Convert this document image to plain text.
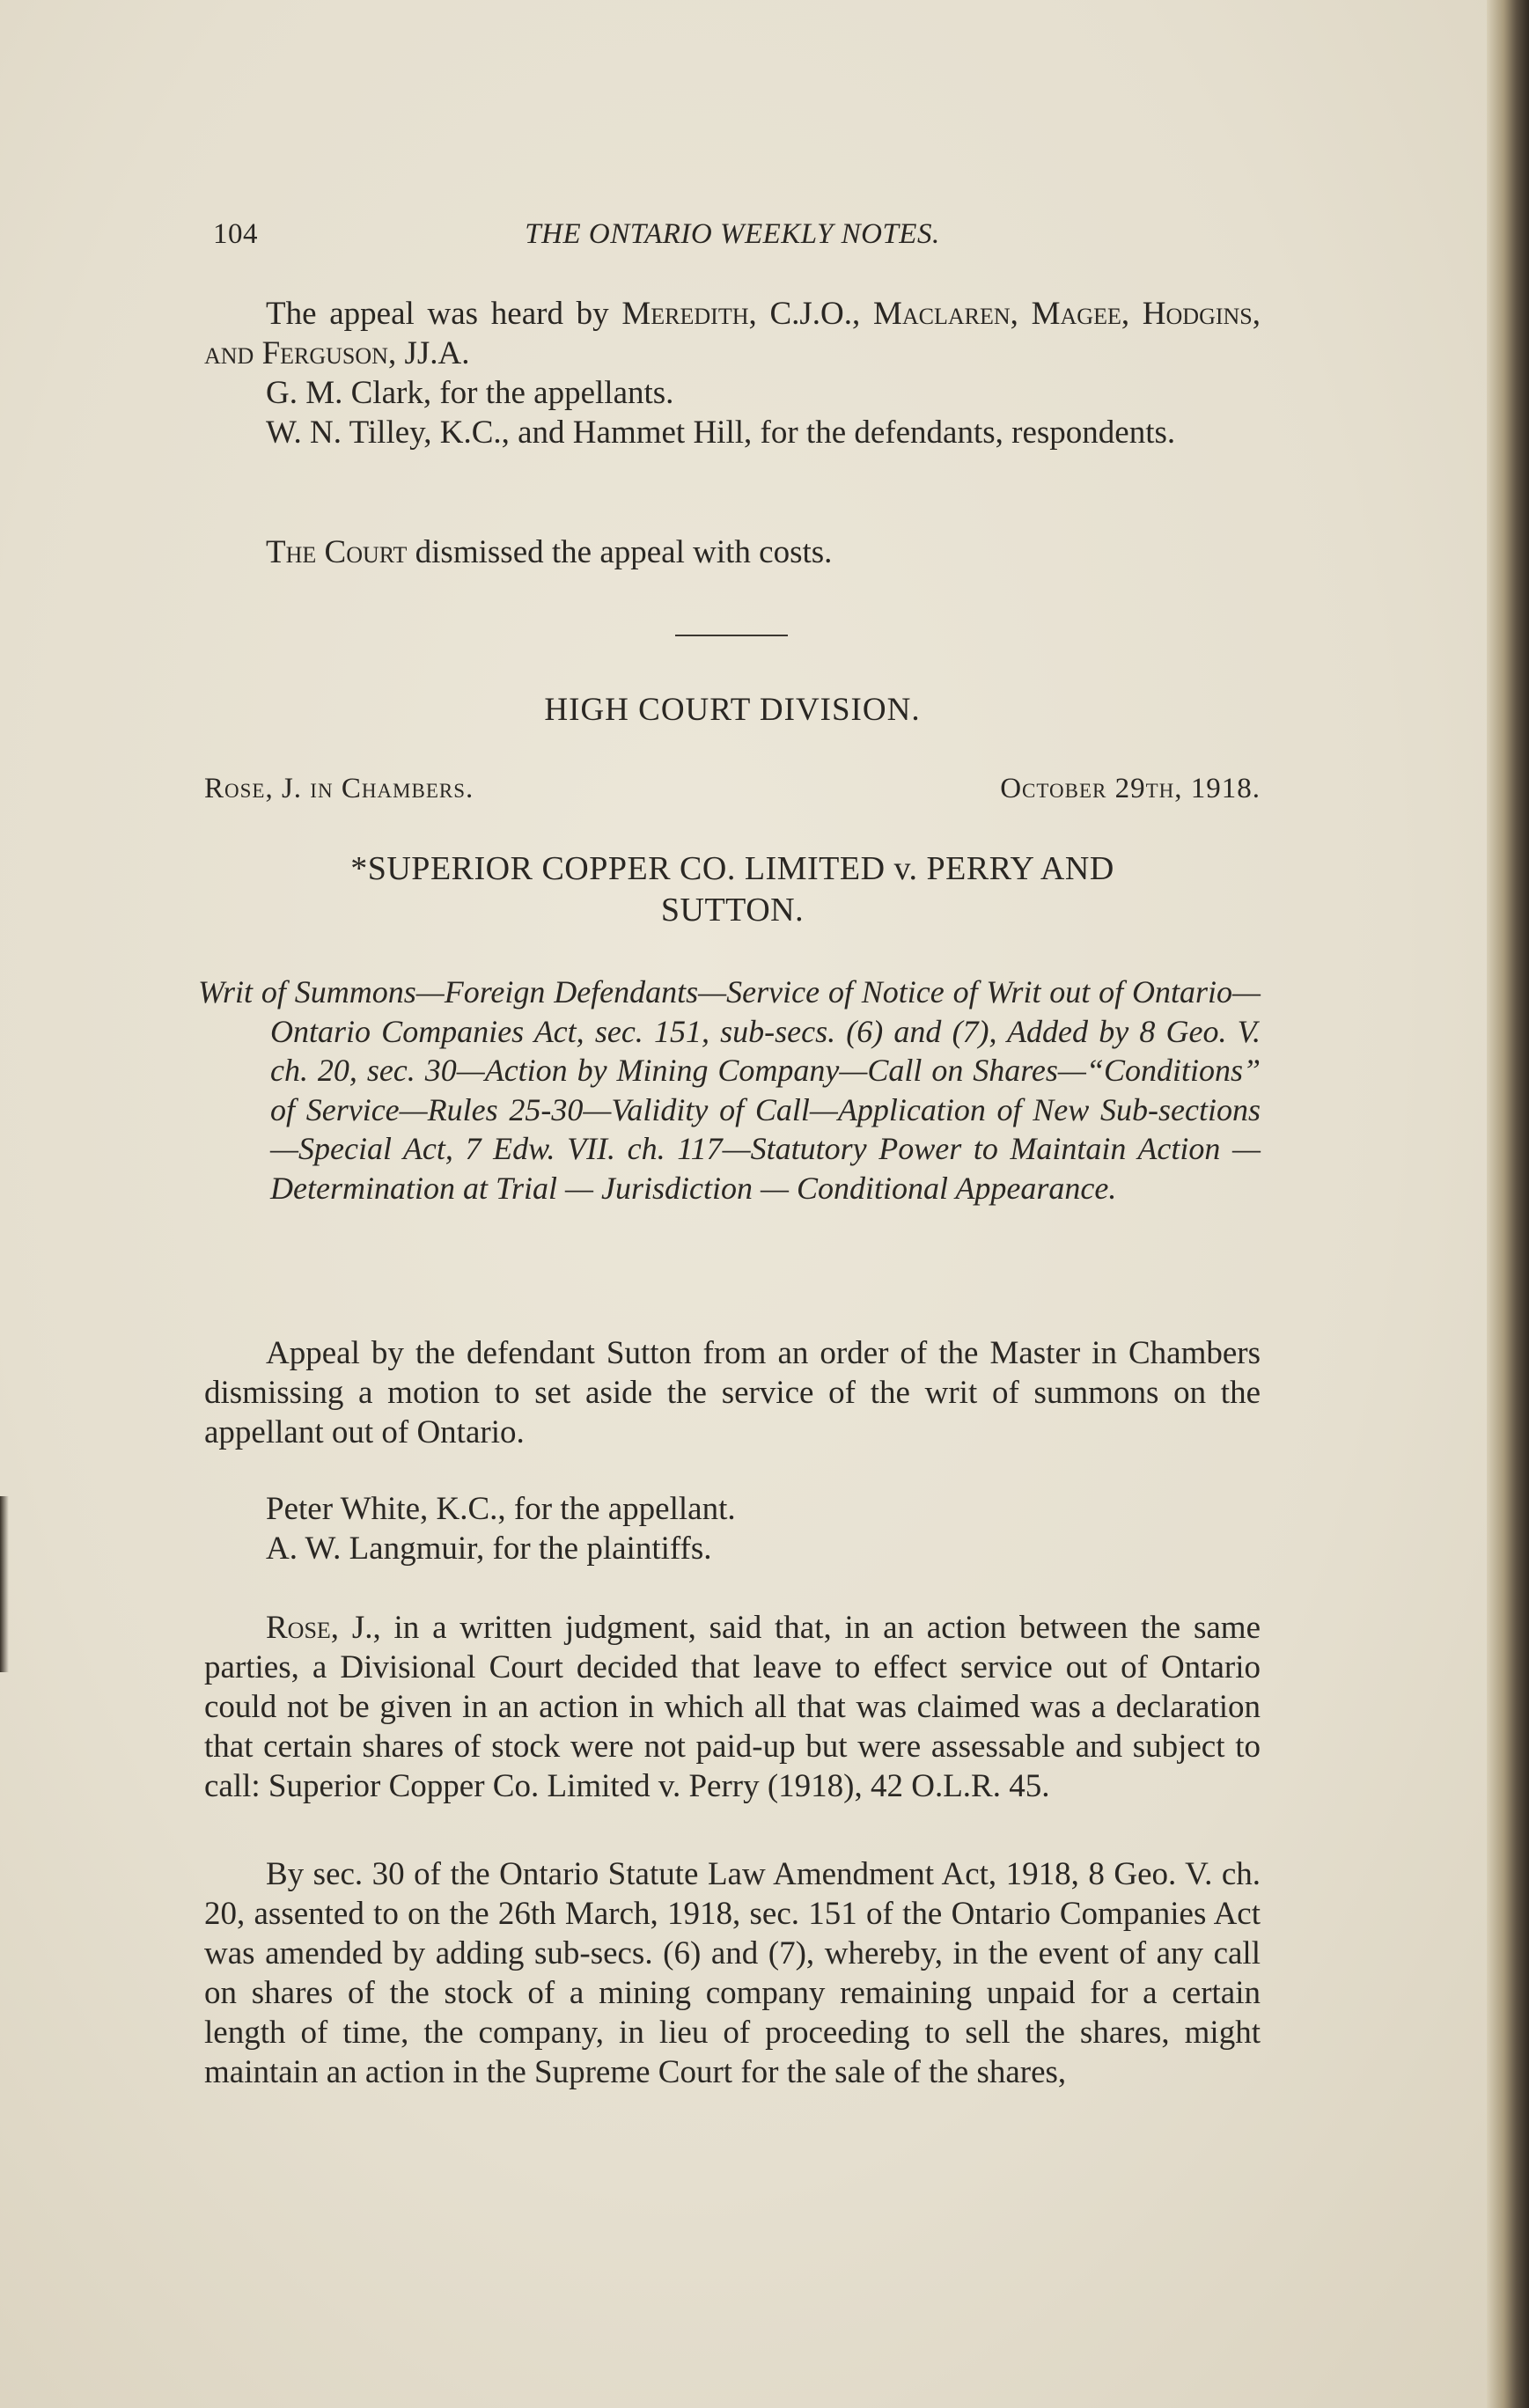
104	THE ONTARIO WEEKLY NOTES.

The appeal was heard by Meredith, C.J.O., Maclaren, Magee, Hodgins, and Ferguson, JJ.A.

G. M. Clark, for the appellants.

W. N. Tilley, K.C., and Hammet Hill, for the defendants, respondents.

The Court dismissed the appeal with costs.

HIGH COURT DIVISION.
Rose, J. in Chambers.	October 29th, 1918.
*SUPERIOR COPPER CO. LIMITED v. PERRY AND
SUTTON.
Writ of Summons—Foreign Defendants—Service of Notice of Writ out of Ontario—Ontario Companies Act, sec. 151, sub-secs. (6) and (7), Added by 8 Geo. V. ch. 20, sec. 30—Action by Mining Company—Call on Shares—“Conditions” of Service—Rules 25-30—Validity of Call—Application of New Sub-sections—Special Act, 7 Edw. VII. ch. 117—Statutory Power to Maintain Action — Determination at Trial — Jurisdiction — Conditional Appearance.

Appeal by the defendant Sutton from an order of the Master in Chambers dismissing a motion to set aside the service of the writ of summons on the appellant out of Ontario.

Peter White, K.C., for the appellant.

A. W. Langmuir, for the plaintiffs.

Rose, J., in a written judgment, said that, in an action between the same parties, a Divisional Court decided that leave to effect service out of Ontario could not be given in an action in which all that was claimed was a declaration that certain shares of stock were not paid-up but were assessable and subject to call: Superior Copper Co. Limited v. Perry (1918), 42 O.L.R. 45.

By sec. 30 of the Ontario Statute Law Amendment Act, 1918, 8 Geo. V. ch. 20, assented to on the 26th March, 1918, sec. 151 of the Ontario Companies Act was amended by adding sub-secs. (6) and (7), whereby, in the event of any call on shares of the stock of a mining company remaining unpaid for a certain length of time, the company, in lieu of proceeding to sell the shares, might maintain an action in the Supreme Court for the sale of the shares,
